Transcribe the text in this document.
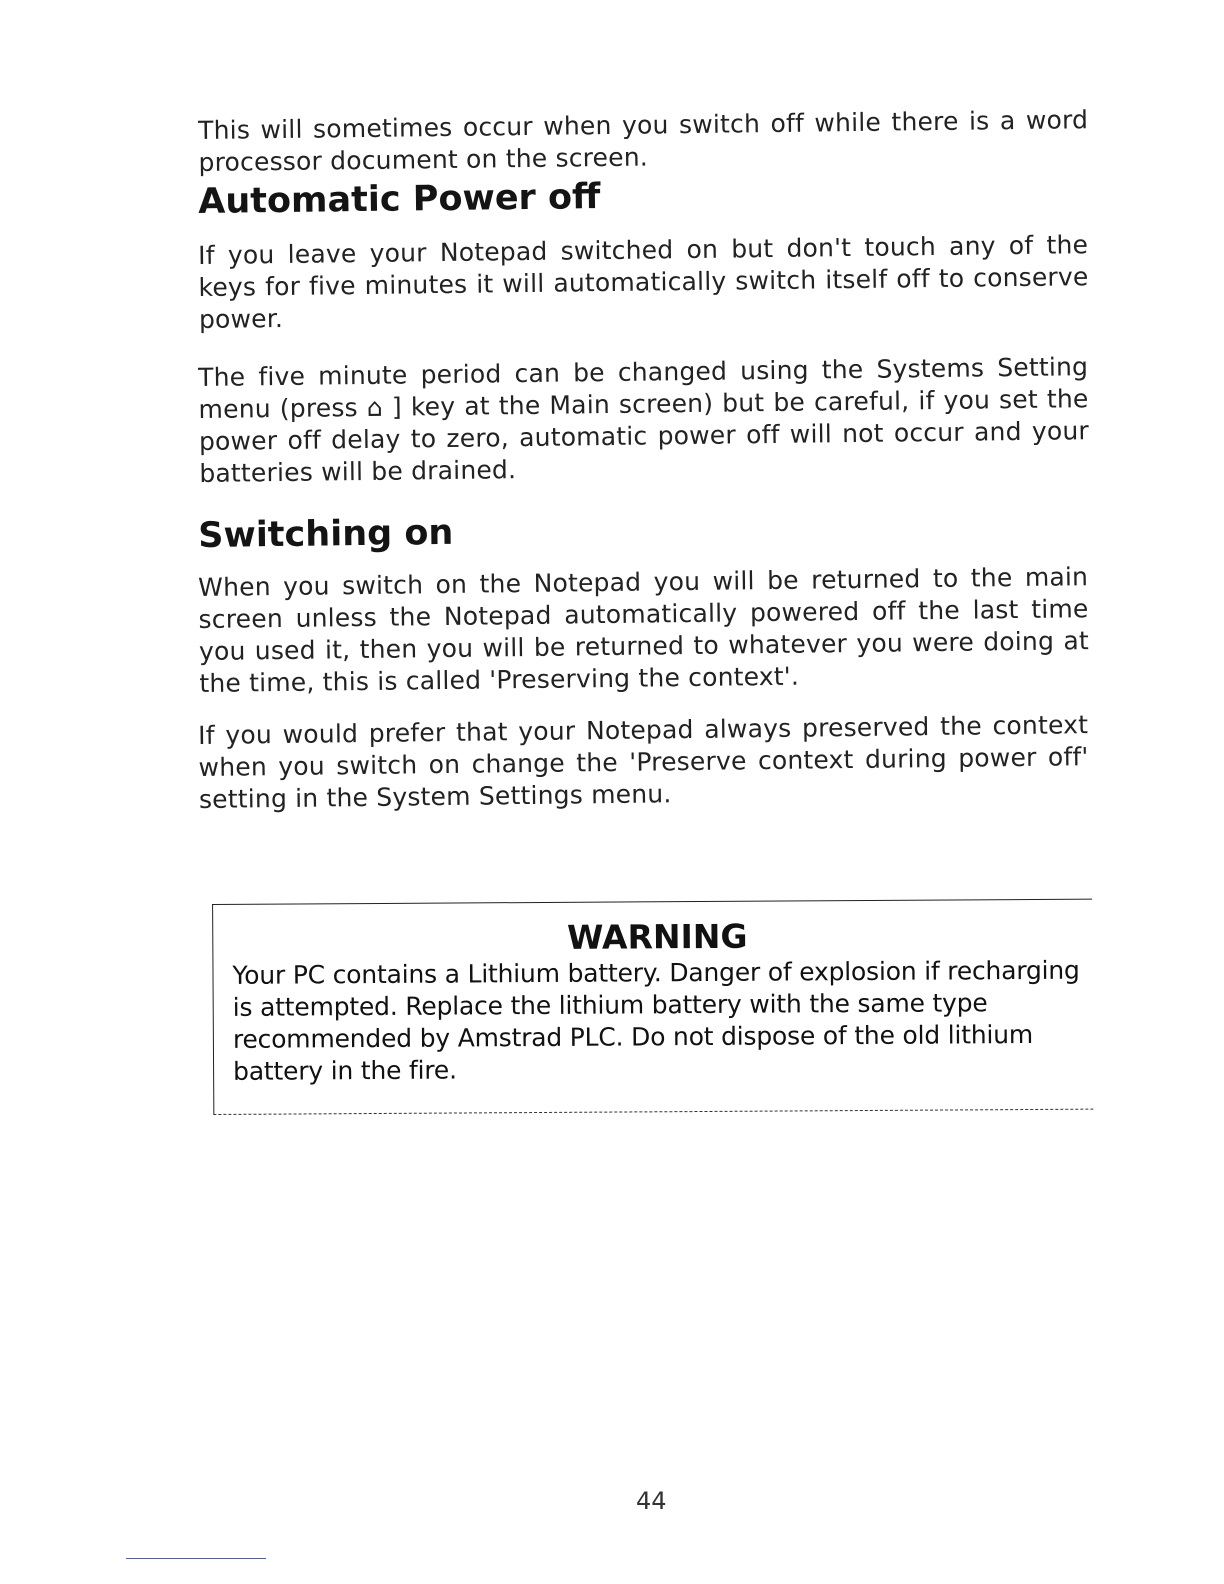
This will sometimes occur when you switch off while there is a word processor document on the screen.

Automatic Power off

If you leave your Notepad switched on but don't touch any of the keys for five minutes it will automatically switch itself off to conserve power.

The five minute period can be changed using the Systems Setting menu (press ⌂ ] key at the Main screen) but be careful, if you set the power off delay to zero, automatic power off will not occur and your batteries will be drained.

Switching on

When you switch on the Notepad you will be returned to the main screen unless the Notepad automatically powered off the last time you used it, then you will be returned to whatever you were doing at the time, this is called 'Preserving the context'.

If you would prefer that your Notepad always preserved the context when you switch on change the 'Preserve context during power off' setting in the System Settings menu.

WARNING
Your PC contains a Lithium battery. Danger of explosion if recharging is attempted. Replace the lithium battery with the same type recommended by Amstrad PLC. Do not dispose of the old lithium battery in the fire.
44
